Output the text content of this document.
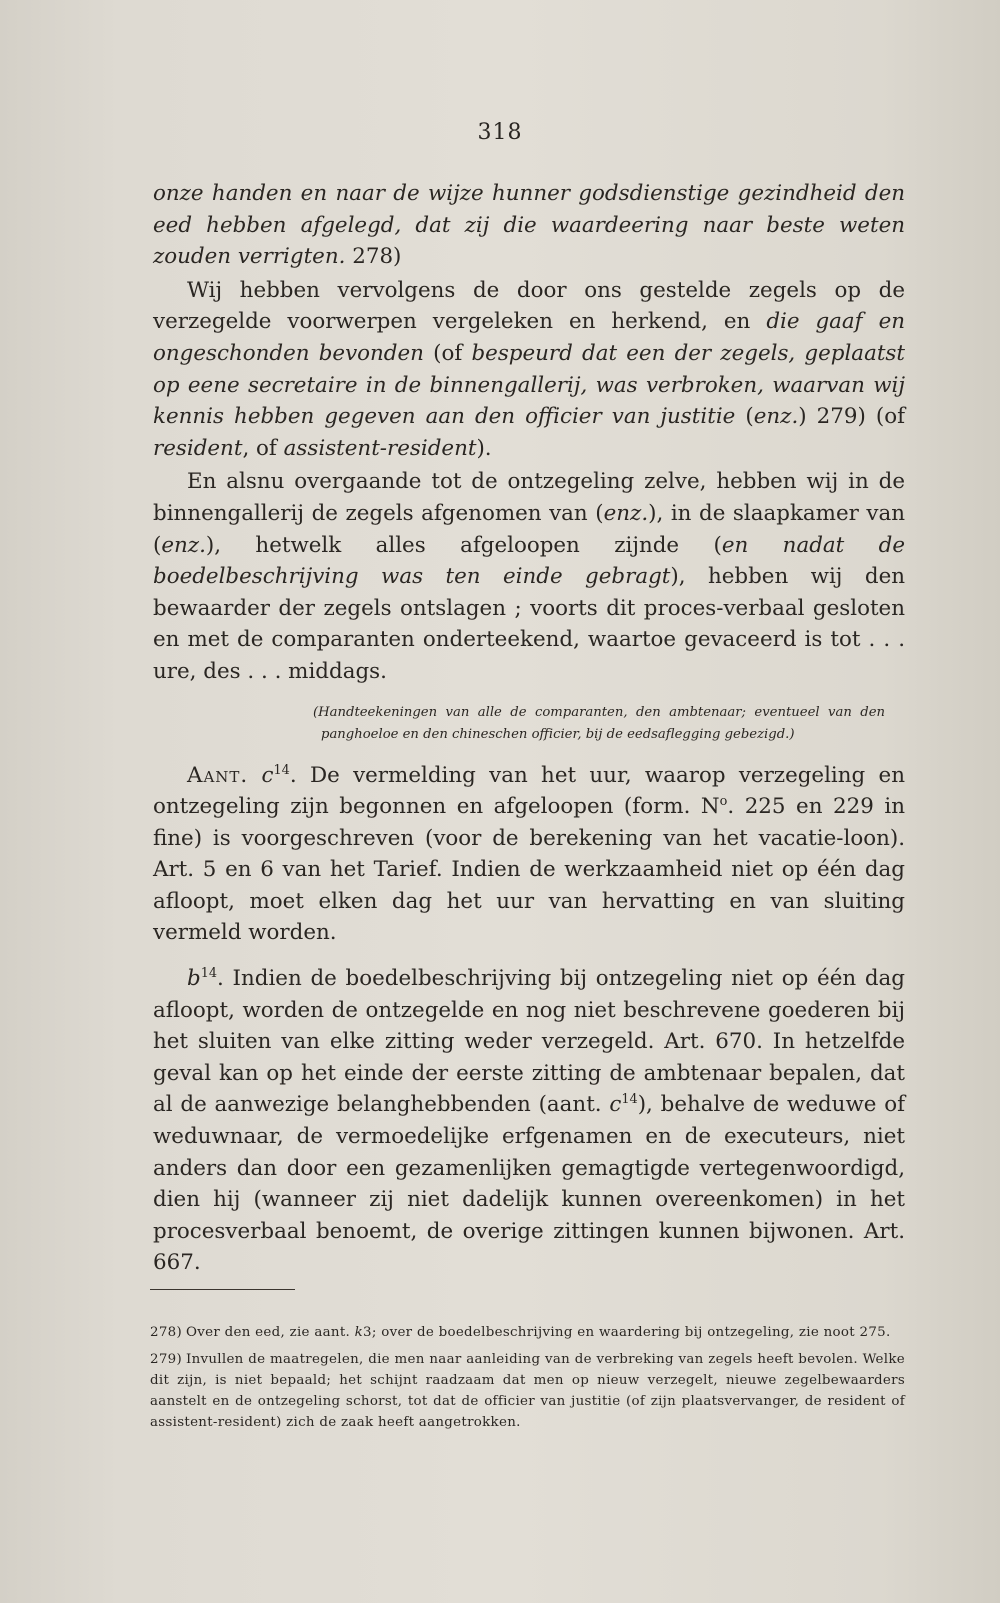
318

onze handen en naar de wijze hunner godsdienstige gezindheid den eed hebben afgelegd, dat zij die waardeering naar beste weten zouden verrigten. 278)

Wij hebben vervolgens de door ons gestelde zegels op de verzegelde voorwerpen vergeleken en herkend, en die gaaf en ongeschonden bevonden (of bespeurd dat een der zegels, geplaatst op eene secretaire in de binnengallerij, was verbroken, waarvan wij kennis hebben gegeven aan den officier van justitie (enz.) 279) (of resident, of assistent-resident).

En alsnu overgaande tot de ontzegeling zelve, hebben wij in de binnengallerij de zegels afgenomen van (enz.), in de slaapkamer van (enz.), hetwelk alles afgeloopen zijnde (en nadat de boedelbeschrijving was ten einde gebragt), hebben wij den bewaarder der zegels ontslagen ; voorts dit proces-verbaal gesloten en met de comparanten onderteekend, waartoe gevaceerd is tot . . . ure, des . . . middags.

(Handteekeningen van alle de comparanten, den ambtenaar; eventueel van den panghoeloe en den chineschen officier, bij de eedsaflegging gebezigd.)

Aant. $c^{14}$. De vermelding van het uur, waarop verzegeling en ontzegeling zijn begonnen en afgeloopen (form. $N^o$. 225 en 229 in fine) is voorgeschreven (voor de berekening van het vacatie-loon). Art. 5 en 6 van het Tarief. Indien de werkzaamheid niet op één dag afloopt, moet elken dag het uur van hervatting en van sluiting vermeld worden.

$b^{14}$. Indien de boedelbeschrijving bij ontzegeling niet op één dag afloopt, worden de ontzegelde en nog niet beschrevene goederen bij het sluiten van elke zitting weder verzegeld. Art. 670. In hetzelfde geval kan op het einde der eerste zitting de ambtenaar bepalen, dat al de aanwezige belanghebbenden (aant. $c^{14}$), behalve de weduwe of weduwnaar, de vermoedelijke erfgenamen en de executeurs, niet anders dan door een gezamenlijken gemagtigde vertegenwoordigd, dien hij (wanneer zij niet dadelijk kunnen overeenkomen) in het procesverbaal benoemt, de overige zittingen kunnen bijwonen. Art. 667.

278) Over den eed, zie aant. k3; over de boedelbeschrijving en waardering bij ontzegeling, zie noot 275.

279) Invullen de maatregelen, die men naar aanleiding van de verbreking van zegels heeft bevolen. Welke dit zijn, is niet bepaald; het schijnt raadzaam dat men op nieuw verzegelt, nieuwe zegelbewaarders aanstelt en de ontzegeling schorst, tot dat de officier van justitie (of zijn plaatsvervanger, de resident of assistent-resident) zich de zaak heeft aangetrokken.
